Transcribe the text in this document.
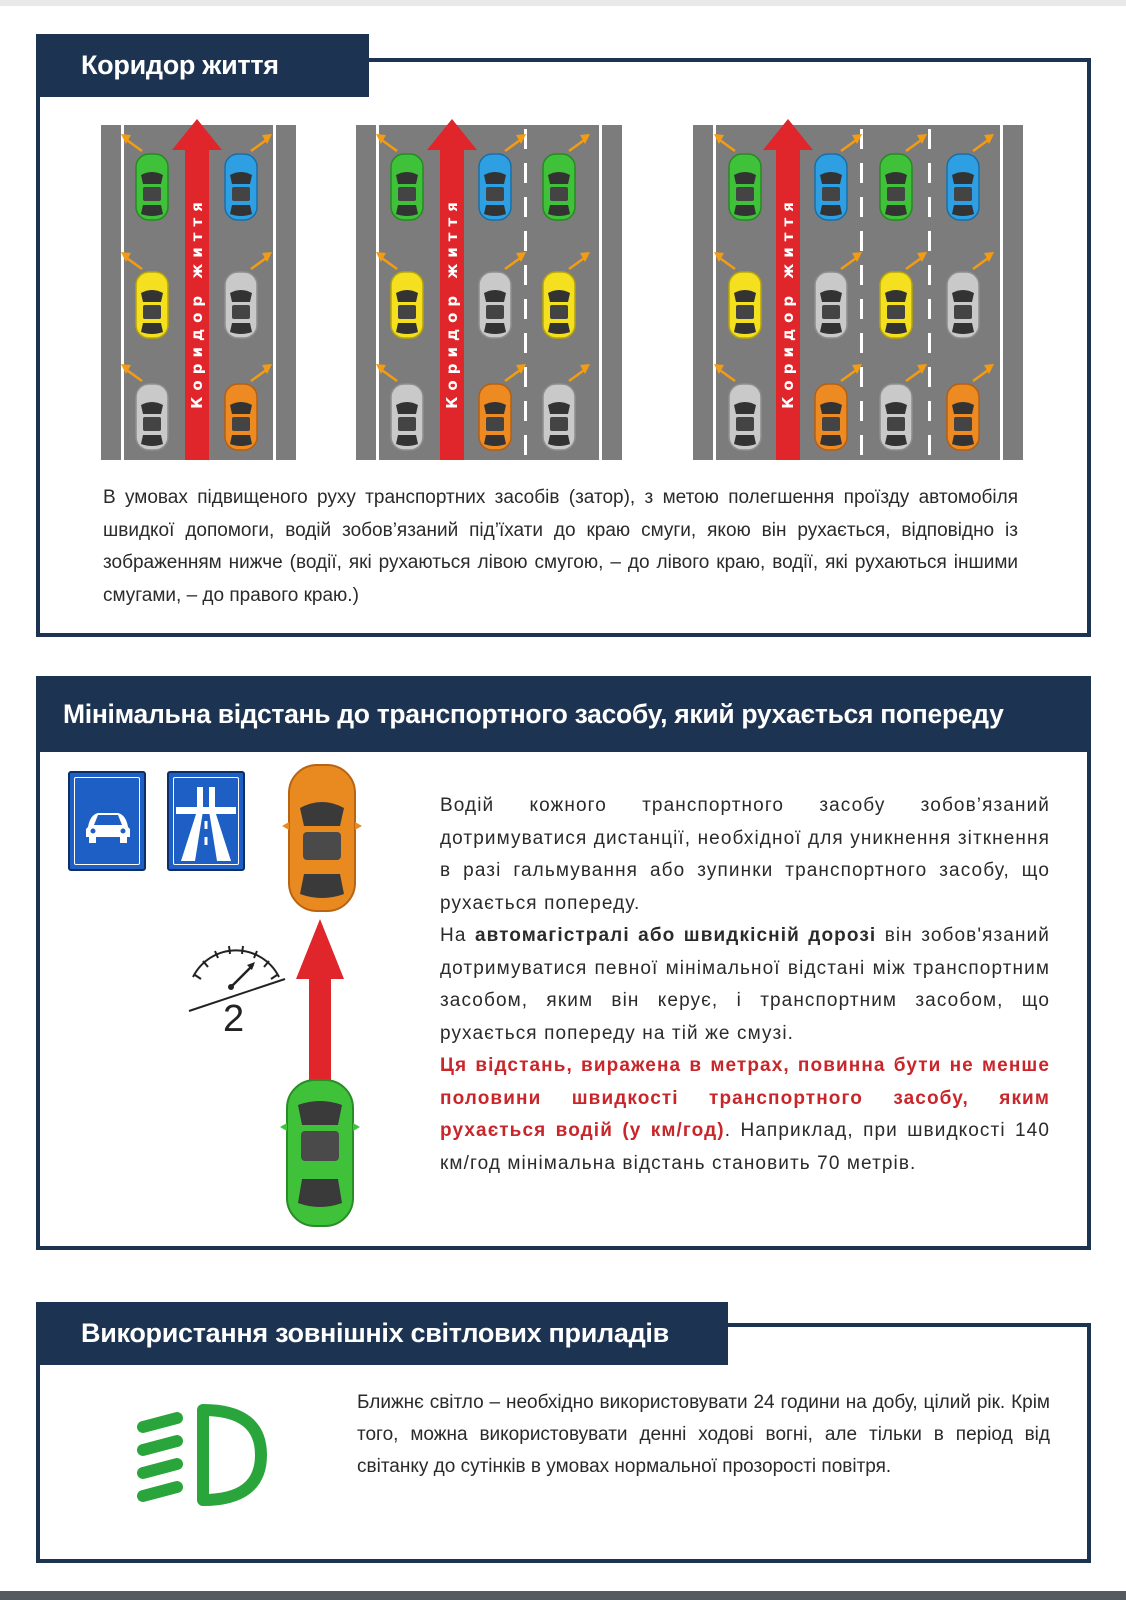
Коридор життя
Коридор життя	Коридор життя	Коридор життя

В умовах підвищеного руху транспортних засобів (затор), з метою полегшення проїзду автомобіля швидкої допомоги, водій зобов’язаний під’їхати до краю смуги, якою він рухається, відповідно із зображенням нижче (водії, які рухаються лівою смугою, – до лівого краю, водії, які рухаються іншими смугами, – до правого краю.)

Мінімальна відстань до транспортного засобу, який рухається попереду
2
Водій кожного транспортного засобу зобов’язаний дотримуватися дистанції, необхідної для уникнення зіткнення в разі гальмування або зупинки транспортного засобу, що рухається попереду.
На автомагістралі або швидкісній дорозі він зобов'язаний дотримуватися певної мінімальної відстані між транспортним засобом, яким він керує, і транспортним засобом, що рухається попереду на тій же смузі.
Ця відстань, виражена в метрах, повинна бути не менше половини швидкості транспортного засобу, яким рухається водій (у км/год). Наприклад, при швидкості 140 км/год мінімальна відстань становить 70 метрів.
Використання зовнішніх світлових приладів

Ближнє світло – необхідно використовувати 24 години на добу, цілий рік. Крім того, можна використовувати денні ходові вогні, але тільки в період від світанку до сутінків в умовах нормальної прозорості повітря.
